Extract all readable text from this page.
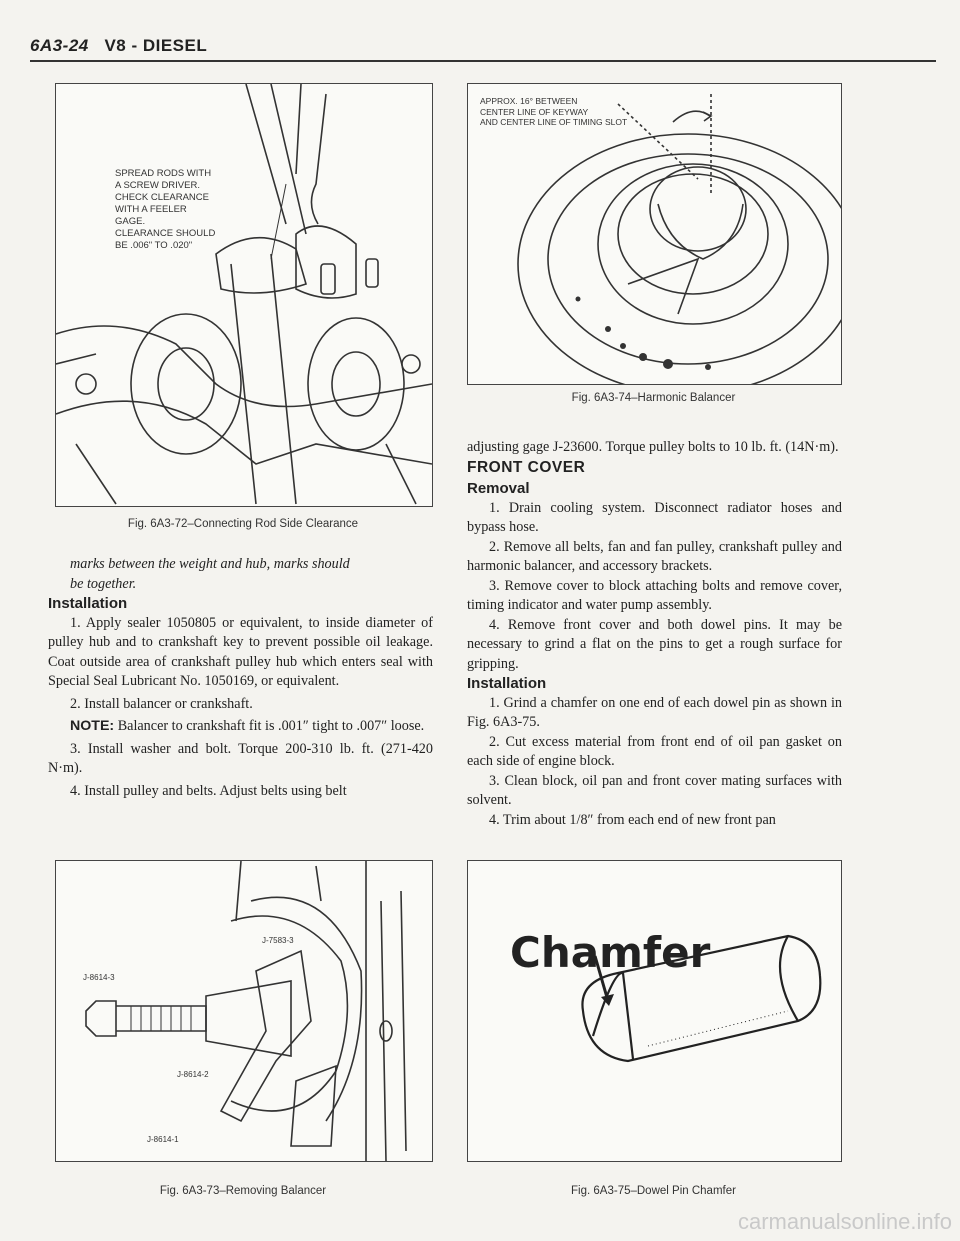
6A3-24 V8 - DIESEL
SPREAD RODS WITH
A SCREW DRIVER.
CHECK CLEARANCE
WITH A FEELER
GAGE.
CLEARANCE SHOULD
BE .006" TO .020"
Fig. 6A3-72–Connecting Rod Side Clearance
APPROX. 16° BETWEEN
CENTER LINE OF KEYWAY
AND CENTER LINE OF TIMING SLOT
Fig. 6A3-74–Harmonic Balancer

marks between the weight and hub, marks should
be together.

Installation

1. Apply sealer 1050805 or equivalent, to inside diameter of pulley hub and to crankshaft key to prevent possible oil leakage. Coat outside area of crankshaft pulley hub which enters seal with Special Seal Lubricant No. 1050169, or equivalent.

2. Install balancer or crankshaft.

NOTE: Balancer to crankshaft fit is .001″ tight to .007″ loose.

3. Install washer and bolt. Torque 200-310 lb. ft. (271-420 N·m).

4. Install pulley and belts. Adjust belts using belt

adjusting gage J-23600. Torque pulley bolts to 10 lb. ft. (14N·m).

FRONT COVER

Removal

1. Drain cooling system. Disconnect radiator hoses and bypass hose.

2. Remove all belts, fan and fan pulley, crankshaft pulley and harmonic balancer, and accessory brackets.

3. Remove cover to block attaching bolts and remove cover, timing indicator and water pump assembly.

4. Remove front cover and both dowel pins. It may be necessary to grind a flat on the pins to get a rough surface for gripping.

Installation

1. Grind a chamfer on one end of each dowel pin as shown in Fig. 6A3-75.

2. Cut excess material from front end of oil pan gasket on each side of engine block.

3. Clean block, oil pan and front cover mating surfaces with solvent.

4. Trim about 1/8″ from each end of new front pan

J-7583-3
J-8614-3
J-8614-2
J-8614-1
Fig. 6A3-73–Removing Balancer
Chamfer
Fig. 6A3-75–Dowel Pin Chamfer
carmanualsonline.info
